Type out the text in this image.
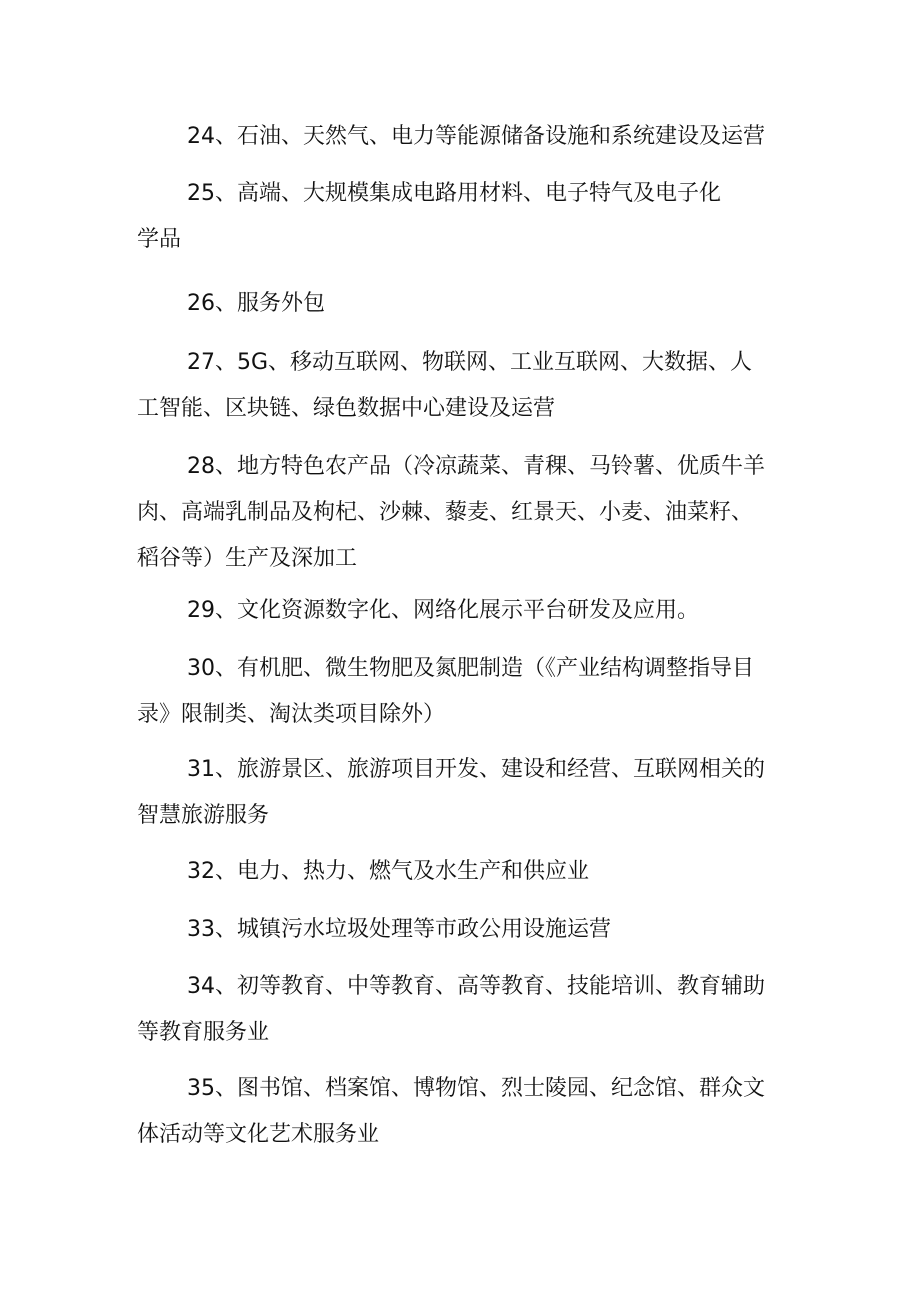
24、石油、天然气、电力等能源储备设施和系统建设及运营

25、高端、大规模集成电路用材料、电子特气及电子化
学品

26、服务外包

27、5G、移动互联网、物联网、工业互联网、大数据、人
工智能、区块链、绿色数据中心建设及运营

28、地方特色农产品（冷凉蔬菜、青稞、马铃薯、优质牛羊
肉、高端乳制品及枸杞、沙棘、藜麦、红景天、小麦、油菜籽、
稻谷等）生产及深加工

29、文化资源数字化、网络化展示平台研发及应用。

30、有机肥、微生物肥及氮肥制造（《产业结构调整指导目
录》限制类、淘汰类项目除外）

31、旅游景区、旅游项目开发、建设和经营、互联网相关的
智慧旅游服务

32、电力、热力、燃气及水生产和供应业

33、城镇污水垃圾处理等市政公用设施运营

34、初等教育、中等教育、高等教育、技能培训、教育辅助
等教育服务业

35、图书馆、档案馆、博物馆、烈士陵园、纪念馆、群众文
体活动等文化艺术服务业
